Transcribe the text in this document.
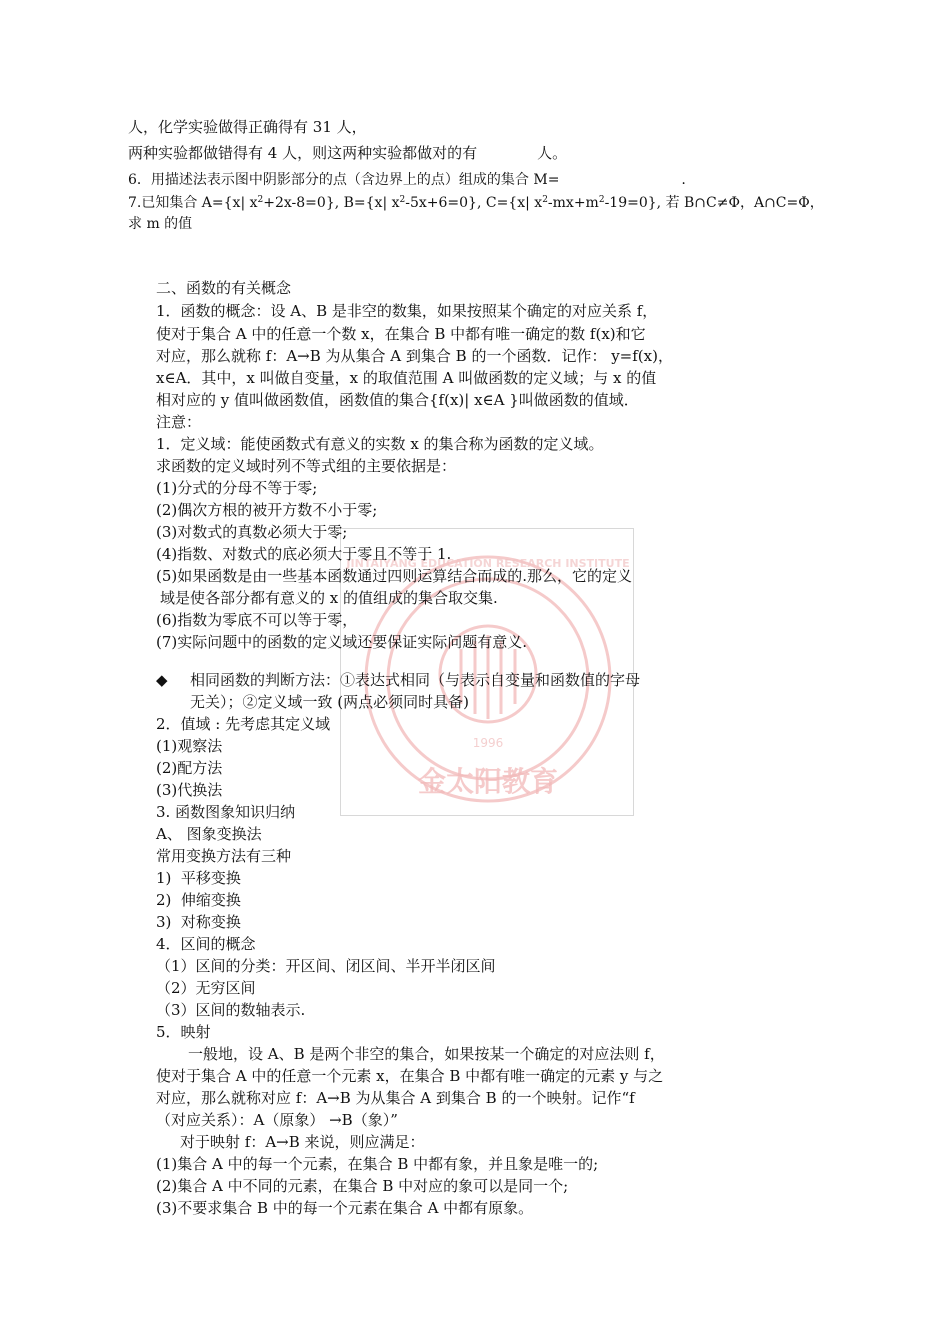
1996
金太阳教育
JINTAIYANG EDUCATION RESEARCH INSTITUTE
人，化学实验做得正确得有 31 人，
两种实验都做错得有 4 人，则这两种实验都做对的有	人。
6．用描述法表示图中阴影部分的点（含边界上的点）组成的集合 M=	.
7.已知集合 A={x| $x^2+2x-8=0$}, B={x| $x^2-5x+6=0$}, C={x| $x^2-mx+m^2-19=0$}, 若 B∩C≠Φ，A∩C=Φ，
求 m 的值
二、函数的有关概念
1．函数的概念：设 A、B 是非空的数集，如果按照某个确定的对应关系 f，
使对于集合 A 中的任意一个数 x，在集合 B 中都有唯一确定的数 f(x)和它
对应，那么就称 f：A→B 为从集合 A 到集合 B 的一个函数．记作： y=f(x)，
x∈A．其中，x 叫做自变量，x 的取值范围 A 叫做函数的定义域；与 x 的值
相对应的 y 值叫做函数值，函数值的集合{f(x)| x∈A }叫做函数的值域．
注意：
1．定义域：能使函数式有意义的实数 x 的集合称为函数的定义域。
求函数的定义域时列不等式组的主要依据是：
(1)分式的分母不等于零;
(2)偶次方根的被开方数不小于零;
(3)对数式的真数必须大于零;
(4)指数、对数式的底必须大于零且不等于 1.
(5)如果函数是由一些基本函数通过四则运算结合而成的.那么，它的定义
域是使各部分都有意义的 x 的值组成的集合取交集.
(6)指数为零底不可以等于零，
(7)实际问题中的函数的定义域还要保证实际问题有意义.
◆ 相同函数的判断方法：①表达式相同（与表示自变量和函数值的字母
无关）；②定义域一致 (两点必须同时具备)
2．值域 : 先考虑其定义域
(1)观察法
(2)配方法
(3)代换法
3. 函数图象知识归纳
A、 图象变换法
常用变换方法有三种
1)  平移变换
2)  伸缩变换
3)  对称变换
4．区间的概念
（1）区间的分类：开区间、闭区间、半开半闭区间
（2）无穷区间
（3）区间的数轴表示.
5．映射
一般地，设 A、B 是两个非空的集合，如果按某一个确定的对应法则 f，
使对于集合 A 中的任意一个元素 x，在集合 B 中都有唯一确定的元素 y 与之
对应，那么就称对应 f：A→B 为从集合 A 到集合 B 的一个映射。记作“f
（对应关系）：A（原象） →B（象）”
对于映射 f：A→B 来说，则应满足：
(1)集合 A 中的每一个元素，在集合 B 中都有象，并且象是唯一的;
(2)集合 A 中不同的元素，在集合 B 中对应的象可以是同一个;
(3)不要求集合 B 中的每一个元素在集合 A 中都有原象。
